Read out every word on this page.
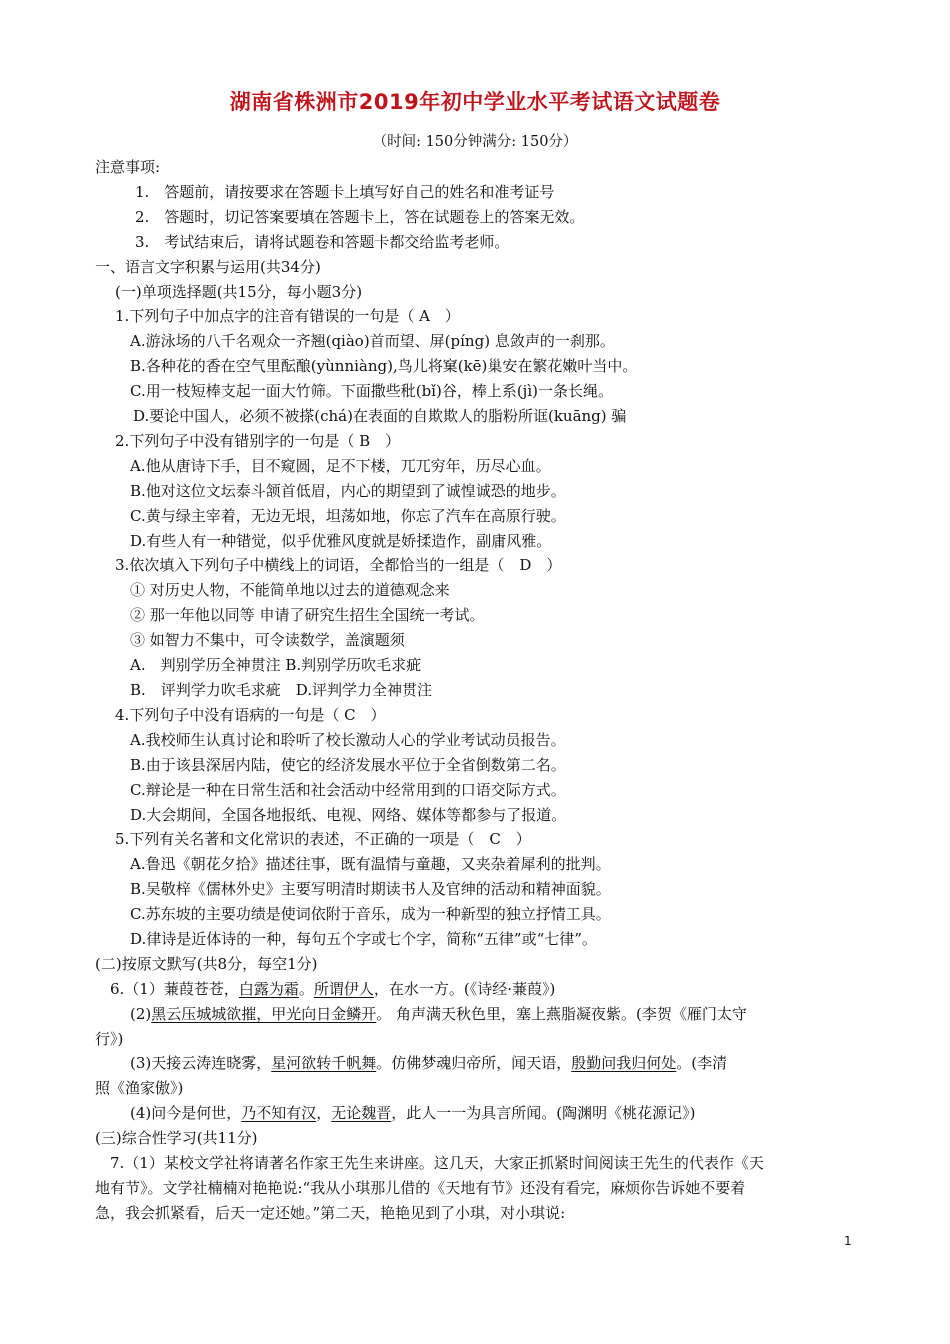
湖南省株洲市2019年初中学业水平考试语文试题卷
（时间: 150分钟满分: 150分）
注意事项:
1.　答题前，请按要求在答题卡上填写好自己的姓名和准考证号
2.　答题时，切记答案要填在答题卡上，答在试题卷上的答案无效。
3.　考试结束后，请将试题卷和答题卡都交给监考老师。
一、语言文字积累与运用(共34分)
(一)单项选择题(共15分，每小题3分)
1.下列句子中加点字的注音有错误的一句是（ A　）
A.游泳场的八千名观众一齐翘(qiào)首而望、屏(píng) 息敛声的一刹那。
B.各种花的香在空气里酝酿(yùnniàng),鸟儿将窠(kē)巢安在繁花嫩叶当中。
C.用一枝短棒支起一面大竹筛。下面撒些秕(bǐ)谷，棒上系(jì)一条长绳。
D.要论中国人，必须不被搽(chá)在表面的自欺欺人的脂粉所诓(kuāng) 骗
2.下列句子中没有错别字的一句是（ B　）
A.他从唐诗下手，目不窥圆，足不下楼，兀兀穷年，历尽心血。
B.他对这位文坛泰斗颔首低眉，内心的期望到了诚惶诚恐的地步。
C.黄与绿主宰着，无边无垠，坦荡如地，你忘了汽车在高原行驶。
D.有些人有一种错觉，似乎优雅风度就是娇揉造作，副庸风雅。
3.依次填入下列句子中横线上的词语，全都恰当的一组是（　D　）
① 对历史人物，不能简单地以过去的道德观念来
② 那一年他以同等 申请了研究生招生全国统一考试。
③ 如智力不集中，可令读数学，盖演题须
A.　判别学历全神贯注 B.判别学历吹毛求疵
B.　评判学力吹毛求疵　D.评判学力全神贯注
4.下列句子中没有语病的一句是（ C　）
A.我校师生认真讨论和聆听了校长激动人心的学业考试动员报告。
B.由于该县深居内陆，使它的经济发展水平位于全省倒数第二名。
C.辩论是一种在日常生活和社会活动中经常用到的口语交际方式。
D.大会期间，全国各地报纸、电视、网络、媒体等都参与了报道。
5.下列有关名著和文化常识的表述，不正确的一项是（　C　）
A.鲁迅《朝花夕拾》描述往事，既有温情与童趣，又夹杂着犀利的批判。
B.吴敬梓《儒林外史》主要写明清时期读书人及官绅的活动和精神面貌。
C.苏东坡的主要功绩是使词依附于音乐，成为一种新型的独立抒情工具。
D.律诗是近体诗的一种，每句五个字或七个字，简称“五律”或“七律”。
(二)按原文默写(共8分，每空1分)
6.（1）蒹葭苍苍，白露为霜。所谓伊人，在水一方。(《诗经·蒹葭》)
(2)黑云压城城欲摧，甲光向日金鳞开。 角声满天秋色里，塞上燕脂凝夜紫。(李贺《雁门太守
行》)
(3)天接云涛连晓雾，星河欲转千帆舞。仿佛梦魂归帝所，闻天语，殷勤问我归何处。(李清
照《渔家傲》)
(4)问今是何世，乃不知有汉，无论魏晋，此人一一为具言所闻。(陶渊明《桃花源记》)
(三)综合性学习(共11分)
7.（1）某校文学社将请著名作家王先生来讲座。这几天，大家正抓紧时间阅读王先生的代表作《天
地有节》。文学社楠楠对艳艳说:“我从小琪那儿借的《天地有节》还没有看完，麻烦你告诉她不要着
急，我会抓紧看，后天一定还她。”第二天，艳艳见到了小琪，对小琪说:
1
